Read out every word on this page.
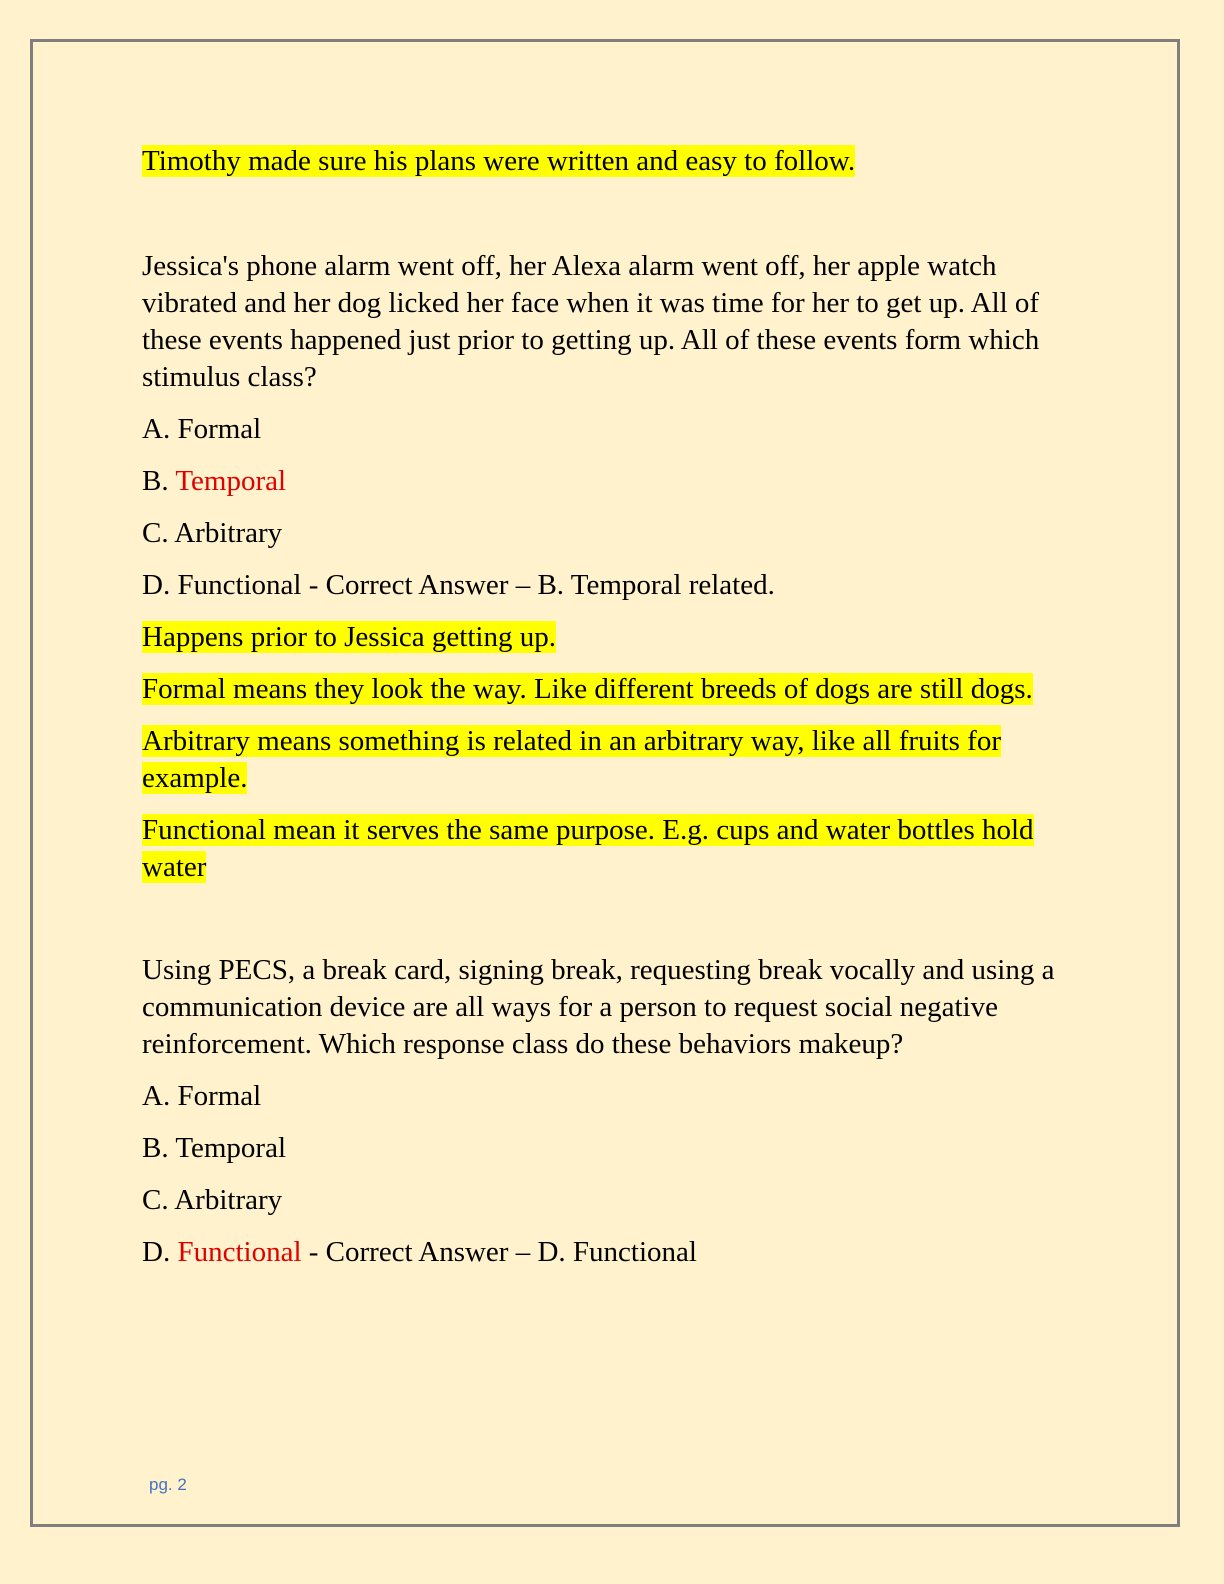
Timothy made sure his plans were written and easy to follow.

Jessica's phone alarm went off, her Alexa alarm went off, her apple watch vibrated and her dog licked her face when it was time for her to get up. All of these events happened just prior to getting up. All of these events form which stimulus class?

A. Formal

B. Temporal

C. Arbitrary

D. Functional - Correct Answer – B. Temporal related.

Happens prior to Jessica getting up.

Formal means they look the way. Like different breeds of dogs are still dogs.

Arbitrary means something is related in an arbitrary way, like all fruits for example.

Functional mean it serves the same purpose. E.g. cups and water bottles hold water

Using PECS, a break card, signing break, requesting break vocally and using a communication device are all ways for a person to request social negative reinforcement. Which response class do these behaviors makeup?

A. Formal

B. Temporal

C. Arbitrary

D. Functional - Correct Answer – D. Functional

pg. 2
